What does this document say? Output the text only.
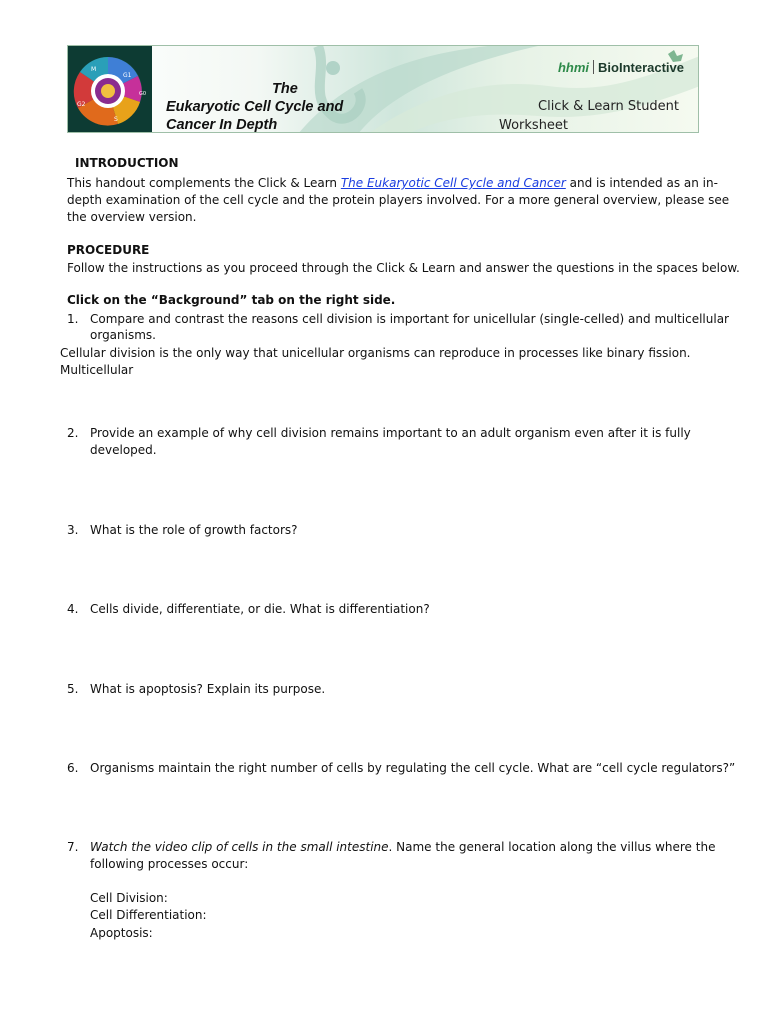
M
G1
G0
G2
S
The
Eukaryotic Cell Cycle and
Cancer In Depth
hhmi BioInteractive
Click & Learn Student
Worksheet
INTRODUCTION
This handout complements the Click & Learn The Eukaryotic Cell Cycle and Cancer and is intended as an in-
depth examination of the cell cycle and the protein players involved. For a more general overview, please see
the overview version.
PROCEDURE
Follow the instructions as you proceed through the Click & Learn and answer the questions in the spaces below.
Click on the “Background” tab on the right side.
1. Compare and contrast the reasons cell division is important for unicellular (single-celled) and multicellular
organisms.
Cellular division is the only way that unicellular organisms can reproduce in processes like binary fission.
Multicellular
2. Provide an example of why cell division remains important to an adult organism even after it is fully
developed.
3. What is the role of growth factors?
4. Cells divide, differentiate, or die. What is differentiation?
5. What is apoptosis? Explain its purpose.
6. Organisms maintain the right number of cells by regulating the cell cycle. What are “cell cycle regulators?”
7. Watch the video clip of cells in the small intestine. Name the general location along the villus where the
following processes occur:
Cell Division:
Cell Differentiation:
Apoptosis:
